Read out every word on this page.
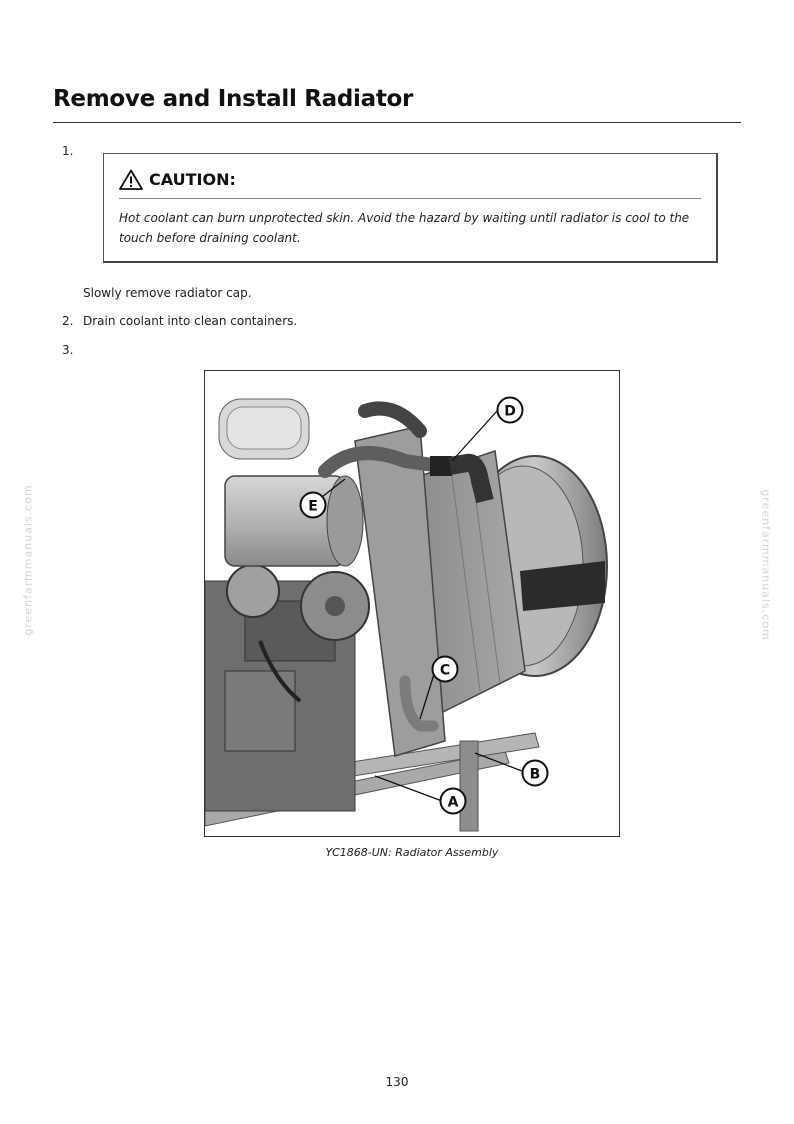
Remove and Install Radiator
1.
CAUTION:
Hot coolant can burn unprotected skin. Avoid the hazard by waiting until radiator is cool to the touch before draining coolant.
Slowly remove radiator cap.
2. Drain coolant into clean containers.
3.
D
E
C
B
A
YC1868-UN: Radiator Assembly
130
greenfarmmanuals.com	greenfarmmanuals.com
